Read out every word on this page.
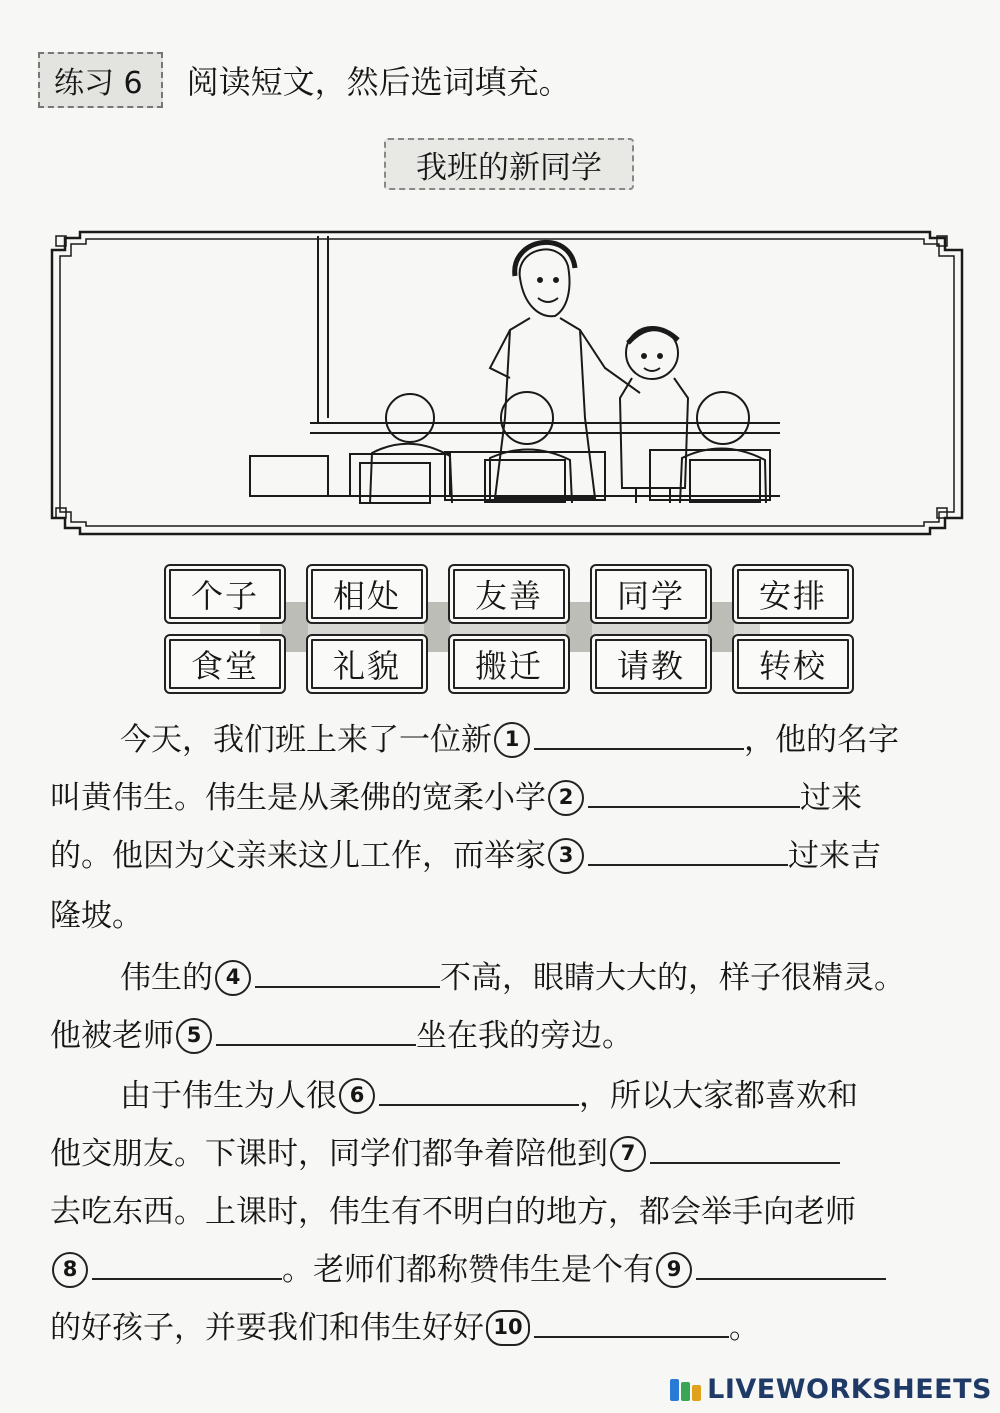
练习 6	阅读短文，然后选词填充。
我班的新同学
个子	相处	友善	同学	安排
食堂	礼貌	搬迁	请教	转校
今天，我们班上来了一位新 1	，他的名字
叫黄伟生。伟生是从柔佛的宽柔小学 2	过来
的。他因为父亲来这儿工作，而举家 3	过来吉
隆坡。
伟生的 4	不高，眼睛大大的，样子很精灵。
他被老师 5	坐在我的旁边。
由于伟生为人很 6	，所以大家都喜欢和
他交朋友。下课时，同学们都争着陪他到 7
去吃东西。上课时，伟生有不明白的地方，都会举手向老师
8	。老师们都称赞伟生是个有 9
的好孩子，并要我们和伟生好好 10	。
LIVEWORKSHEETS
